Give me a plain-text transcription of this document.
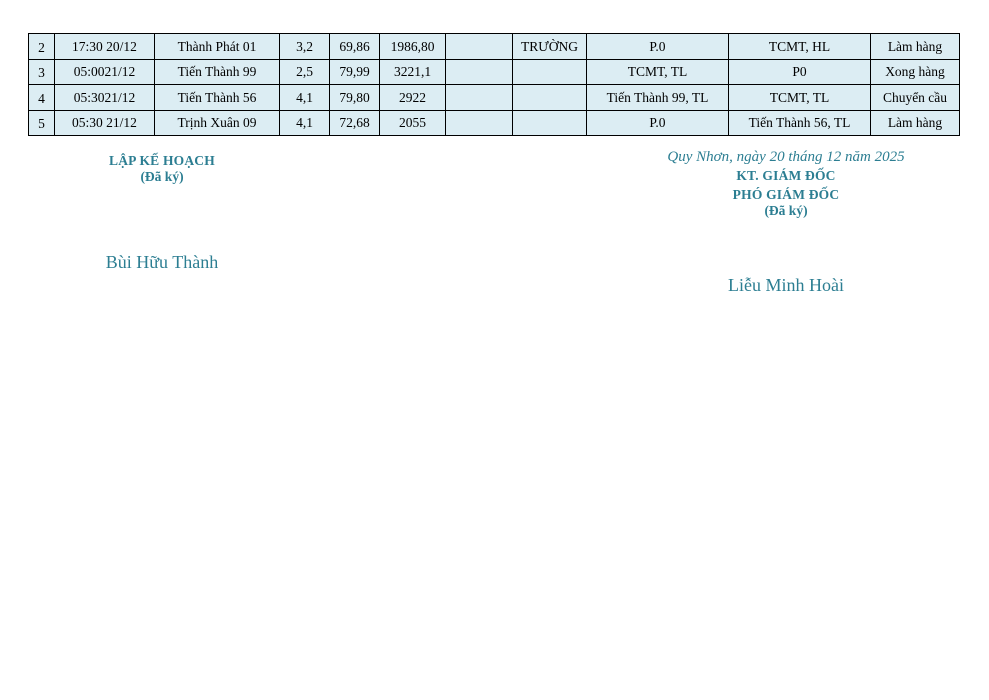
2	17:30 20/12	Thành Phát 01	3,2	69,86	1986,80		TRƯỜNG	P.0	TCMT, HL	Làm hàng
3	05:0021/12	Tiến Thành 99	2,5	79,99	3221,1			TCMT, TL	P0	Xong hàng
4	05:3021/12	Tiến Thành 56	4,1	79,80	2922			Tiến Thành 99, TL	TCMT, TL	Chuyển cầu
5	05:30 21/12	Trịnh Xuân 09	4,1	72,68	2055			P.0	Tiến Thành 56, TL	Làm hàng
LẬP KẾ HOẠCH
(Đã ký)
Bùi Hữu Thành
Quy Nhơn, ngày 20 tháng 12 năm 2025
KT. GIÁM ĐỐC
PHÓ GIÁM ĐỐC
(Đã ký)
Liễu Minh Hoài
